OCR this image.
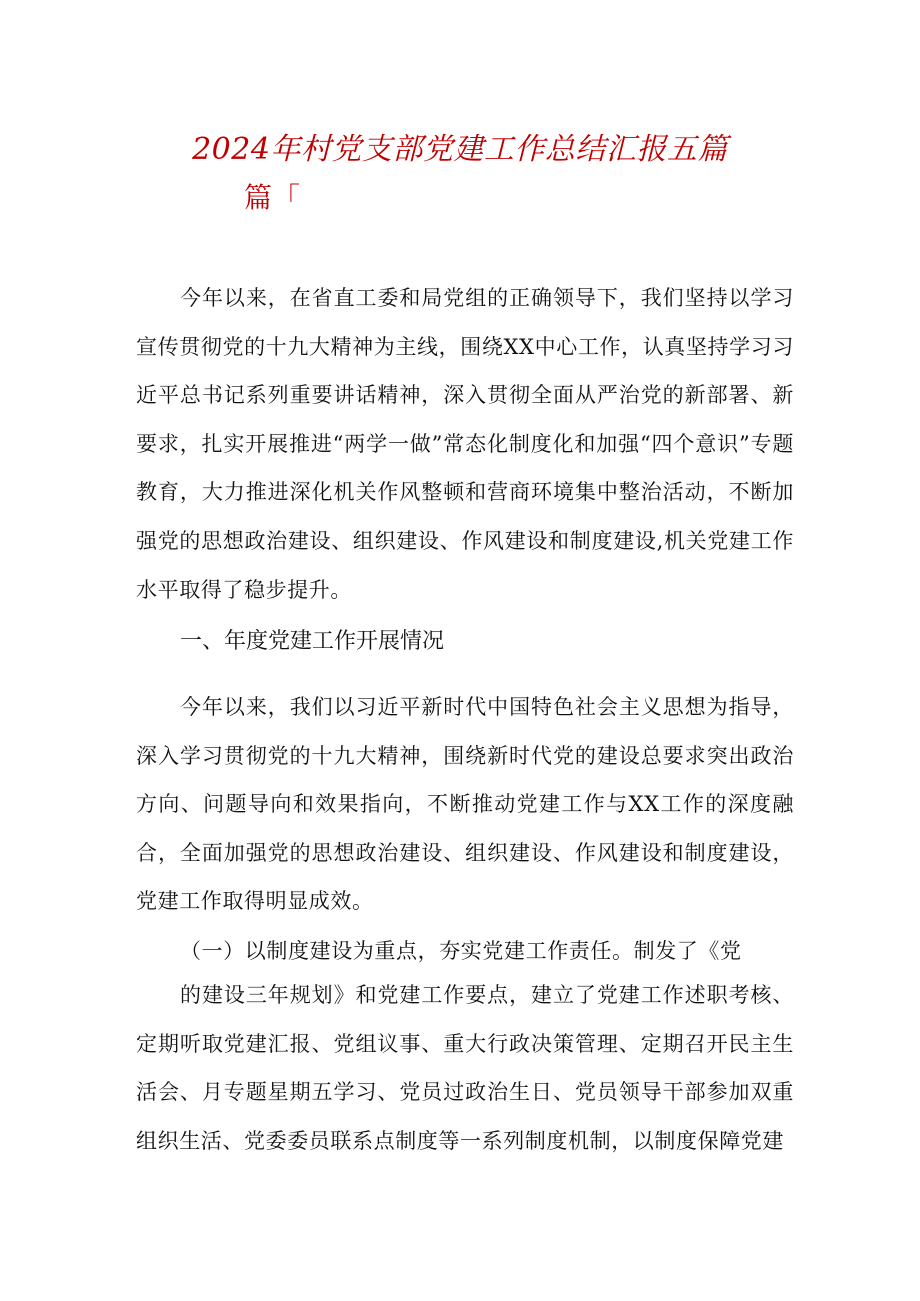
2024年村党支部党建工作总结汇报五篇
篇「

今年以来，在省直工委和局党组的正确领导下，我们坚持以学习宣传贯彻党的十九大精神为主线，围绕XX中心工作，认真坚持学习习近平总书记系列重要讲话精神，深入贯彻全面从严治党的新部署、新要求，扎实开展推进“两学一做”常态化制度化和加强“四个意识”专题教育，大力推进深化机关作风整顿和营商环境集中整治活动，不断加强党的思想政治建设、组织建设、作风建设和制度建设,机关党建工作水平取得了稳步提升。

一、年度党建工作开展情况

今年以来，我们以习近平新时代中国特色社会主义思想为指导，深入学习贯彻党的十九大精神，围绕新时代党的建设总要求突出政治方向、问题导向和效果指向，不断推动党建工作与XX工作的深度融合，全面加强党的思想政治建设、组织建设、作风建设和制度建设，党建工作取得明显成效。

（一）以制度建设为重点，夯实党建工作责任。制发了《党

的建设三年规划》和党建工作要点，建立了党建工作述职考核、定期听取党建汇报、党组议事、重大行政决策管理、定期召开民主生活会、月专题星期五学习、党员过政治生日、党员领导干部参加双重组织生活、党委委员联系点制度等一系列制度机制，以制度保障党建
